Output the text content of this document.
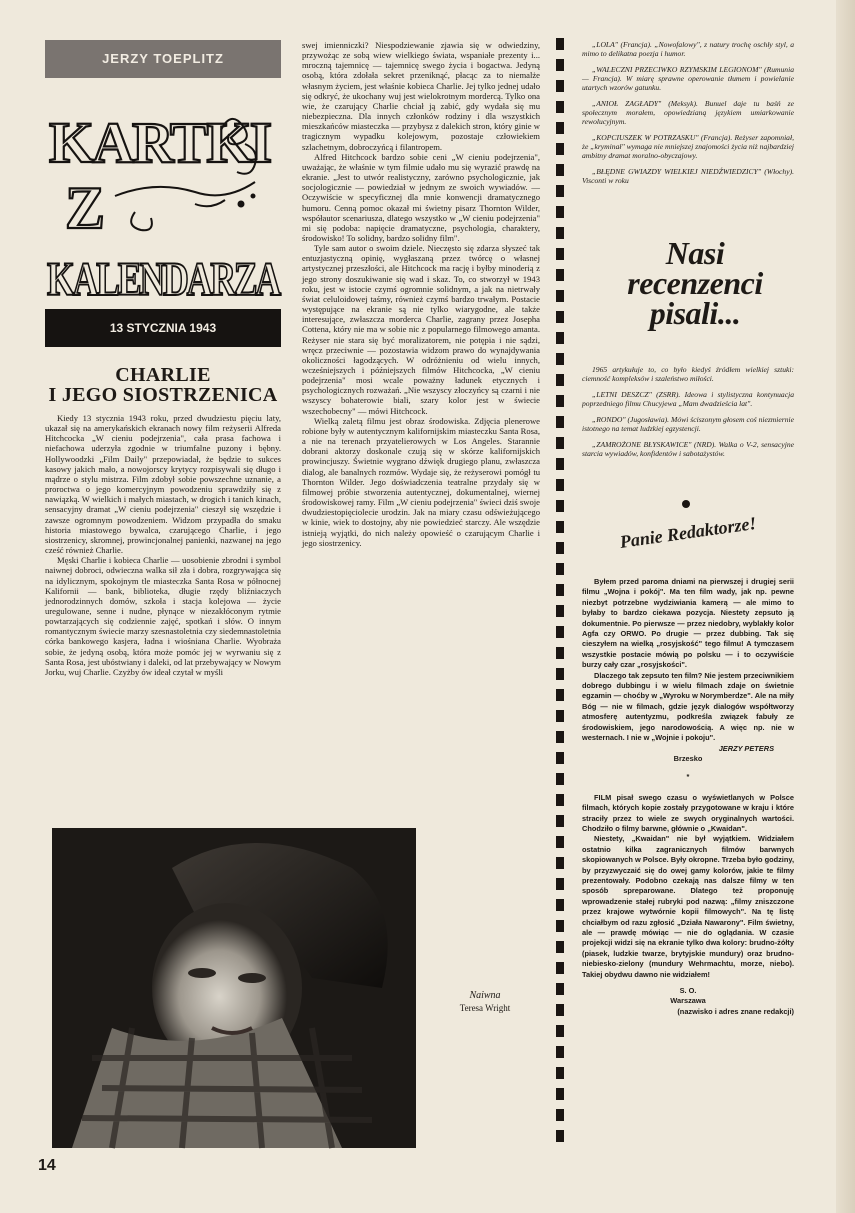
JERZY TOEPLITZ
KARTKI
Z
KALENDARZA
13 STYCZNIA 1943
CHARLIE
I JEGO SIOSTRZENICA

Kiedy 13 stycznia 1943 roku, przed dwudziestu pięciu laty, ukazał się na amerykańskich ekranach nowy film reżyserii Alfreda Hitchcocka „W cieniu podejrzenia", cała prasa fachowa i niefachowa uderzyła zgodnie w triumfalne puzony i bębny. Hollywoodzki „Film Daily" przepowiadał, że będzie to sukces kasowy jakich mało, a nowojorscy krytycy rozpisywali się długo i mądrze o stylu mistrza. Film zdobył sobie powszechne uznanie, a proroctwa o jego komercyjnym powodzeniu sprawdziły się z nawiązką. W wielkich i małych miastach, w drogich i tanich kinach, sensacyjny dramat „W cieniu podejrzenia" cieszył się wszędzie i zawsze ogromnym powodzeniem. Widzom przypadła do smaku historia miastowego bywalca, czarującego Charlie, i jego siostrzenicy, skromnej, prowincjonalnej panienki, nazwanej na jego cześć również Charlie.

Męski Charlie i kobieca Charlie — uosobienie zbrodni i symbol naiwnej dobroci, odwieczna walka sił zła i dobra, rozgrywająca się na idylicznym, spokojnym tle miasteczka Santa Rosa w północnej Kalifornii — bank, biblioteka, długie rzędy bliźniaczych jednorodzinnych domów, szkoła i stacja kolejowa — życie uregulowane, senne i nudne, płynące w niezakłóconym rytmie powtarzających się codziennie zajęć, spotkań i słów. O innym romantycznym świecie marzy szesnastoletnia czy siedemnastoletnia córka bankowego kasjera, ładna i wiośniana Charlie. Wyobraża sobie, że jedyną osobą, która może pomóc jej w wyrwaniu się z Santa Rosa, jest ubóstwiany i daleki, od lat przebywający w Nowym Jorku, wuj Charlie. Czyżby ów ideał czytał w myśli

swej imienniczki? Niespodziewanie zjawia się w odwiedziny, przywożąc ze sobą wiew wielkiego świata, wspaniałe prezenty i... mroczną tajemnicę — tajemnicę swego życia i bogactwa. Jedyną osobą, która zdołała sekret przeniknąć, płacąc za to niemalże własnym życiem, jest właśnie kobieca Charlie. Jej tylko jednej udało się odkryć, że ukochany wuj jest wielokrotnym mordercą. Tylko ona wie, że czarujący Charlie chciał ją zabić, gdy wydała się mu niebezpieczna. Dla innych członków rodziny i dla wszystkich mieszkańców miasteczka — przybysz z dalekich stron, który ginie w tragicznym wypadku kolejowym, pozostaje człowiekiem szlachetnym, dobroczyńcą i filantropem.

Alfred Hitchcock bardzo sobie ceni „W cieniu podejrzenia", uważając, że właśnie w tym filmie udało mu się wyrazić prawdę na ekranie. „Jest to utwór realistyczny, zarówno psychologicznie, jak socjologicznie — powiedział w jednym ze swoich wywiadów. — Oczywiście w specyficznej dla mnie konwencji dramatycznego humoru. Cenną pomoc okazał mi świetny pisarz Thornton Wilder, współautor scenariusza, dlatego wszystko w „W cieniu podejrzenia" mi się podoba: napięcie dramatyczne, psychologia, charaktery, środowisko! To solidny, bardzo solidny film".

Tyle sam autor o swoim dziele. Nieczęsto się zdarza słyszeć tak entuzjastyczną opinię, wygłaszaną przez twórcę o własnej artystycznej przeszłości, ale Hitchcock ma rację i byłby minoderią z jego strony doszukiwanie się wad i skaz. To, co stworzył w 1943 roku, jest w istocie czymś ogromnie solidnym, a jak na nietrwały świat celuloidowej taśmy, również czymś bardzo trwałym. Postacie występujące na ekranie są nie tylko wiarygodne, ale także interesujące, zwłaszcza morderca Charlie, zagrany przez Josepha Cottena, który nie ma w sobie nic z popularnego filmowego amanta. Reżyser nie stara się być moralizatorem, nie potępia i nie sądzi, wręcz przeciwnie — pozostawia widzom prawo do wynajdywania okoliczności łagodzących. W odróżnieniu od wielu innych, wcześniejszych i późniejszych filmów Hitchcocka, „W cieniu podejrzenia" mosi wcale poważny ładunek etycznych i psychologicznych rozważań. „Nie wszyscy złoczyńcy są czarni i nie wszyscy bohaterowie biali, szary kolor jest w świecie wszechobecny" — mówi Hitchcock.

Wielką zaletą filmu jest obraz środowiska. Zdjęcia plenerowe robione były w autentycznym kalifornijskim miasteczku Santa Rosa, a nie na terenach przyatelierowych w Los Angeles. Starannie dobrani aktorzy doskonale czują się w skórze kalifornijskich prowincjuszy. Świetnie wygrano dźwięk drugiego planu, zwłaszcza dialog, ale banalnych rozmów. Wydaje się, że reżyserowi pomógł tu Thornton Wilder. Jego doświadczenia teatralne przydały się w filmowej próbie stworzenia autentycznej, dokumentalnej, wiernej środowiskowej ramy. Film „W cieniu podejrzenia" świeci dziś swoje dwudziestopięciolecie urodzin. Jak na miary czasu odświeżującego w kinie, wiek to dostojny, aby nie powiedzieć starczy. Ale wszędzie istnieją wyjątki, do nich należy opowieść o czarującym Charlie i jego siostrzenicy.

Naiwna
Teresa Wright
14

„LOLA" (Francja). „Nowofalowy", z natury trochę oschły styl, a mimo to delikatna poezja i humor.

„WALECZNI PRZECIWKO RZYMSKIM LEGIONOM" (Rumunia — Francja). W miarę sprawne operowanie tłumem i powielanie utartych wzorów gatunku.

„ANIOŁ ZAGŁADY" (Meksyk). Bunuel daje tu baśń ze społecznym morałem, opowiedzianą językiem umiarkowanie rewolucyjnym.

„KOPCIUSZEK W POTRZASKU" (Francja). Reżyser zapomniał, że „kryminał" wymaga nie mniejszej znajomości życia niż najbardziej ambitny dramat moralno-obyczajowy.

„BŁĘDNE GWIAZDY WIELKIEJ NIEDŹWIEDZICY" (Włochy). Visconti w roku

Nasi
recenzenci
pisali...

1965 artykułuje to, co było kiedyś źródłem wielkiej sztuki: ciemność kompleksów i szaleństwo miłości.

„LETNI DESZCZ" (ZSRR). Ideowa i stylistyczna kontynuacja poprzedniego filmu Chucyjewa „Mam dwadzieścia lat".

„RONDO" (Jugosławia). Mówi ściszonym głosem coś niezmiernie istotnego na temat ludzkiej egzystencji.

„ZAMROŻONE BŁYSKAWICE" (NRD). Walka o V-2, sensacyjne starcia wywiadów, konfidentów i sabotażystów.

Panie Redaktorze!

Byłem przed paroma dniami na pierwszej i drugiej serii filmu „Wojna i pokój". Ma ten film wady, jak np. pewne niezbyt potrzebne wydziwiania kamerą — ale mimo to byłaby to bardzo ciekawa pozycja. Niestety zepsuto ją dokumentnie. Po pierwsze — przez niedobry, wyblakły kolor Agfa czy ORWO. Po drugie — przez dubbing. Tak się cieszyłem na wielką „rosyjskość" tego filmu! A tymczasem wszystkie postacie mówią po polsku — i to oczywiście burzy cały czar „rosyjskości".

Dlaczego tak zepsuto ten film? Nie jestem przeciwnikiem dobrego dubbingu i w wielu filmach zdaje on świetnie egzamin — choćby w „Wyroku w Norymberdze". Ale na miły Bóg — nie w filmach, gdzie język dialogów współtworzy atmosferę autentyzmu, podkreśla związek fabuły ze środowiskiem, jego narodowością. A więc np. nie w westernach. I nie w „Wojnie i pokoju".

JERZY PETERS
Brzesko
*

FILM pisał swego czasu o wyświetlanych w Polsce filmach, których kopie zostały przygotowane w kraju i które straciły przez to wiele ze swych oryginalnych wartości. Chodziło o filmy barwne, głównie o „Kwaidan".

Niestety, „Kwaidan" nie był wyjątkiem. Widziałem ostatnio kilka zagranicznych filmów barwnych skopiowanych w Polsce. Były okropne. Trzeba było godziny, by przyzwyczaić się do owej gamy kolorów, jakie te filmy prezentowały. Podobno czekają nas dalsze filmy w ten sposób spreparowane. Dlatego też proponuję wprowadzenie stałej rubryki pod nazwą: „filmy zniszczone przez krajowe wytwórnie kopii filmowych". Na tę listę chciałbym od razu zgłosić „Działa Nawarony". Film świetny, ale — prawdę mówiąc — nie do oglądania. W czasie projekcji widzi się na ekranie tylko dwa kolory: brudno-żółty (piasek, ludzkie twarze, brytyjskie mundury) oraz brudno-niebiesko-zielony (mundury Wehrmachtu, morze, niebo). Takiej obydwu dawno nie widziałem!

S. O.
Warszawa
(nazwisko i adres znane redakcji)
